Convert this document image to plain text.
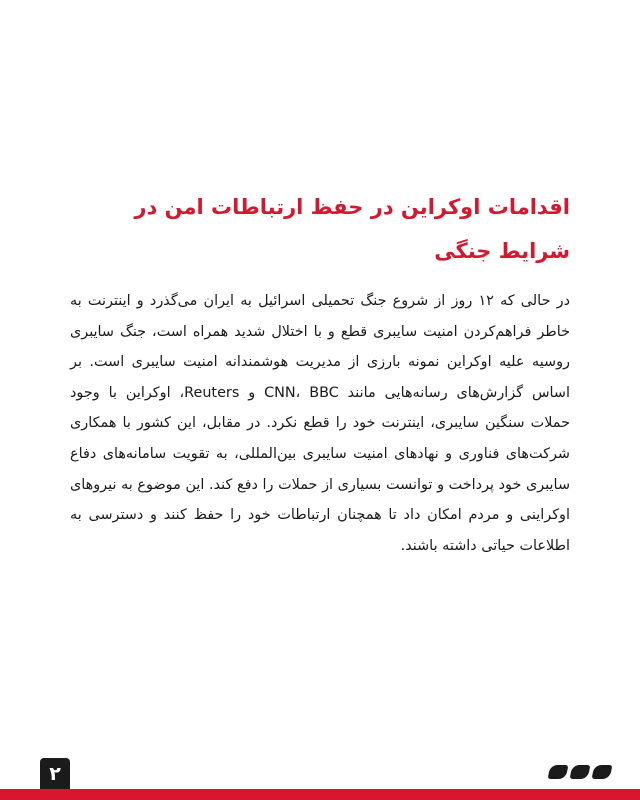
اقدامات اوکراین در حفظ ارتباطات امن در شرایط جنگی

در حالی که ۱۲ روز از شروع جنگ تحمیلی اسرائیل به ایران می‌گذرد و اینترنت به خاطر فراهم‌کردن امنیت سایبری قطع و با اختلال شدید همراه است، جنگ سایبری روسیه علیه اوکراین نمونه بارزی از مدیریت هوشمندانه امنیت سایبری است. بر اساس گزارش‌های رسانه‌هایی مانند CNN، BBC و Reuters، اوکراین با وجود حملات سنگین سایبری، اینترنت خود را قطع نکرد. در مقابل، این کشور با همکاری شرکت‌های فناوری و نهادهای امنیت سایبری بین‌المللی، به تقویت سامانه‌های دفاع سایبری خود پرداخت و توانست بسیاری از حملات را دفع کند. این موضوع به نیروهای اوکراینی و مردم امکان داد تا همچنان ارتباطات خود را حفظ کنند و دسترسی به اطلاعات حیاتی داشته باشند.

۲
